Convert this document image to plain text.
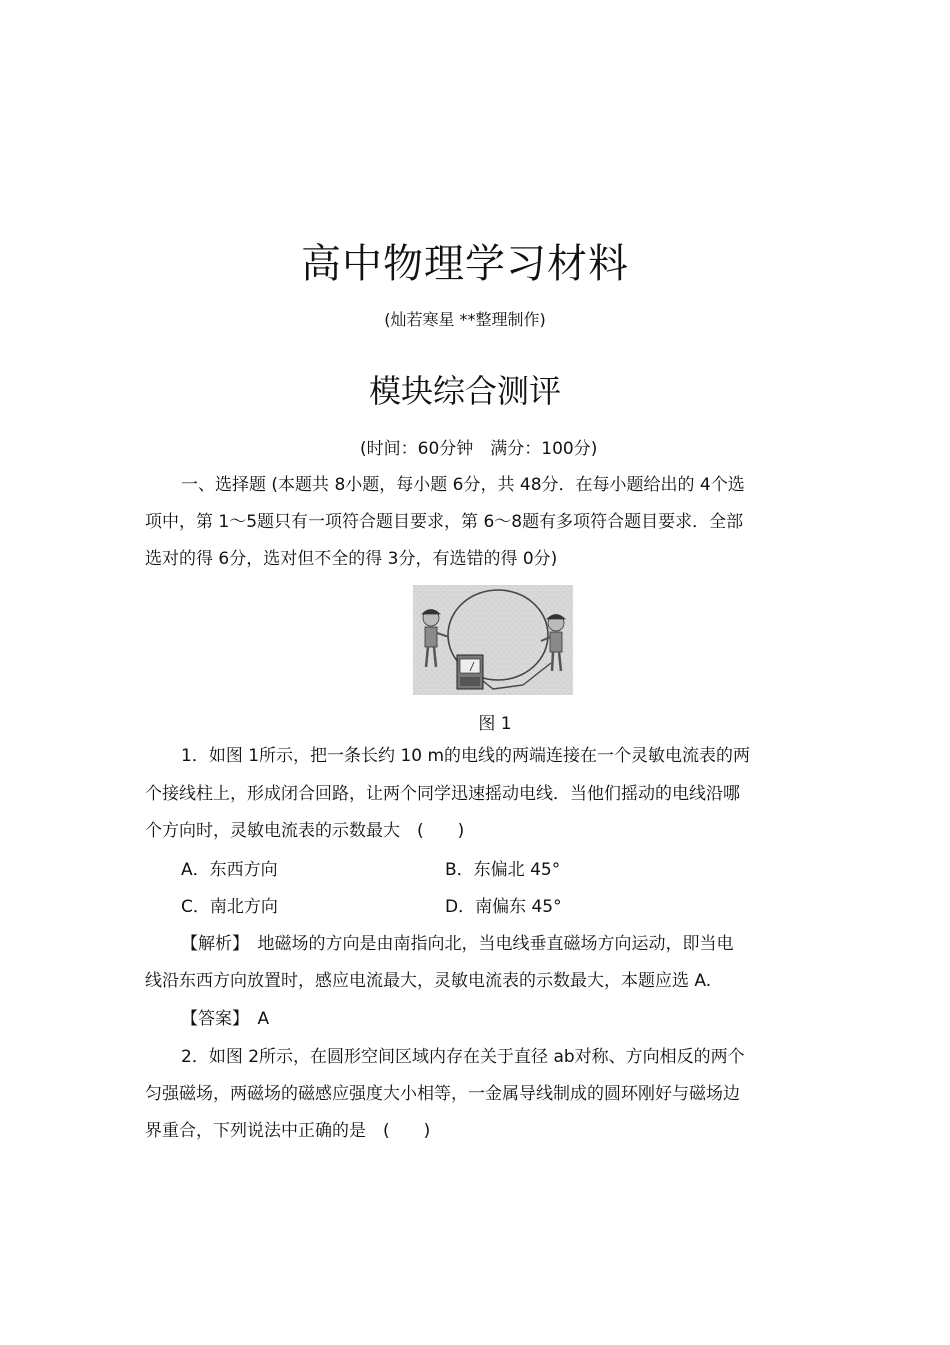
高中物理学习材料
(灿若寒星 **整理制作)
模块综合测评
(时间：60分钟　满分：100分)
一、选择题 (本题共 8小题，每小题 6分，共 48分．在每小题给出的 4个选
项中，第 1～5题只有一项符合题目要求，第 6～8题有多项符合题目要求．全部
选对的得 6分，选对但不全的得 3分，有选错的得 0分)
图 1
1．如图 1所示，把一条长约 10 m的电线的两端连接在一个灵敏电流表的两
个接线柱上，形成闭合回路，让两个同学迅速摇动电线．当他们摇动的电线沿哪
个方向时，灵敏电流表的示数最大　(　　)
A．东西方向	B．东偏北 45°
C．南北方向	D．南偏东 45°
【解析】　地磁场的方向是由南指向北，当电线垂直磁场方向运动，即当电
线沿东西方向放置时，感应电流最大，灵敏电流表的示数最大，本题应选 A.
【答案】　A
2．如图 2所示，在圆形空间区域内存在关于直径 ab对称、方向相反的两个
匀强磁场，两磁场的磁感应强度大小相等，一金属导线制成的圆环刚好与磁场边
界重合，下列说法中正确的是　(　　)
